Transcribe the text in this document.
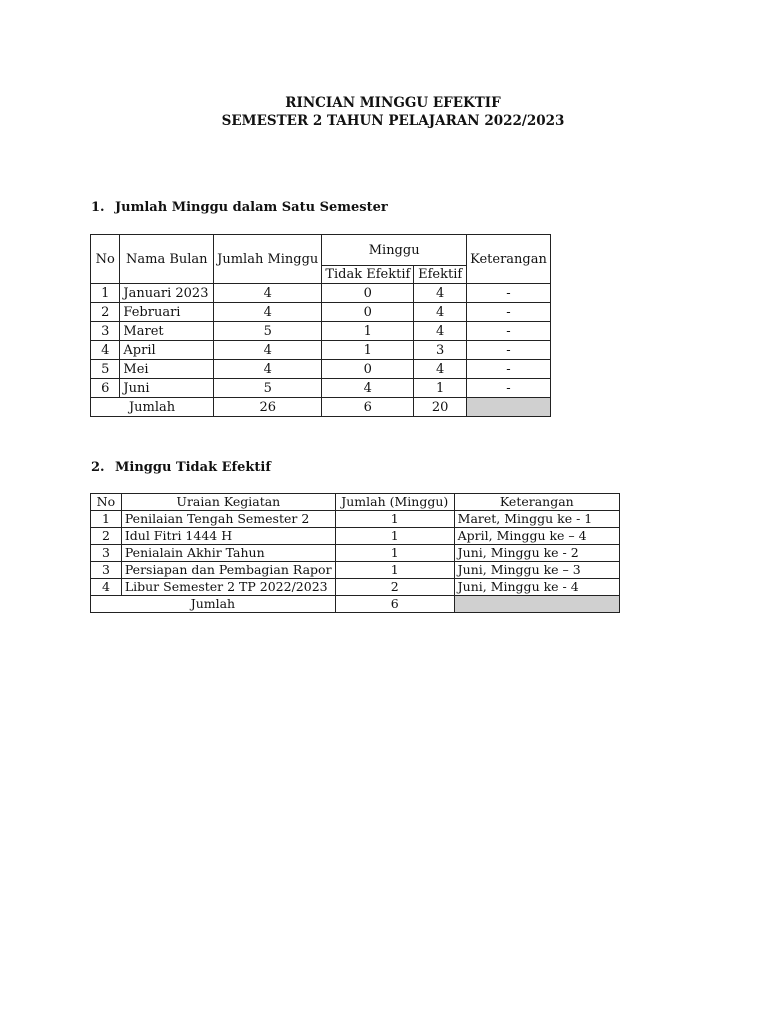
RINCIAN MINGGU EFEKTIF
SEMESTER 2 TAHUN PELAJARAN 2022/2023
1. Jumlah Minggu dalam Satu Semester
No	Nama Bulan	Jumlah Minggu	Minggu		Keterangan
			Tidak Efektif	Efektif	
1	Januari 2023	4	0	4	-
2	Februari	4	0	4	-
3	Maret	5	1	4	-
4	April	4	1	3	-
5	Mei	4	0	4	-
6	Juni	5	4	1	-
Jumlah		26	6	20	
2. Minggu Tidak Efektif
No	Uraian Kegiatan	Jumlah (Minggu)	Keterangan
1	Penilaian Tengah Semester 2	1	Maret, Minggu ke - 1
2	Idul Fitri 1444 H	1	April, Minggu ke – 4
3	Penialain Akhir Tahun	1	Juni, Minggu ke - 2
3	Persiapan dan Pembagian Rapor	1	Juni, Minggu ke – 3
4	Libur Semester 2 TP 2022/2023	2	Juni, Minggu ke - 4
Jumlah		6	
